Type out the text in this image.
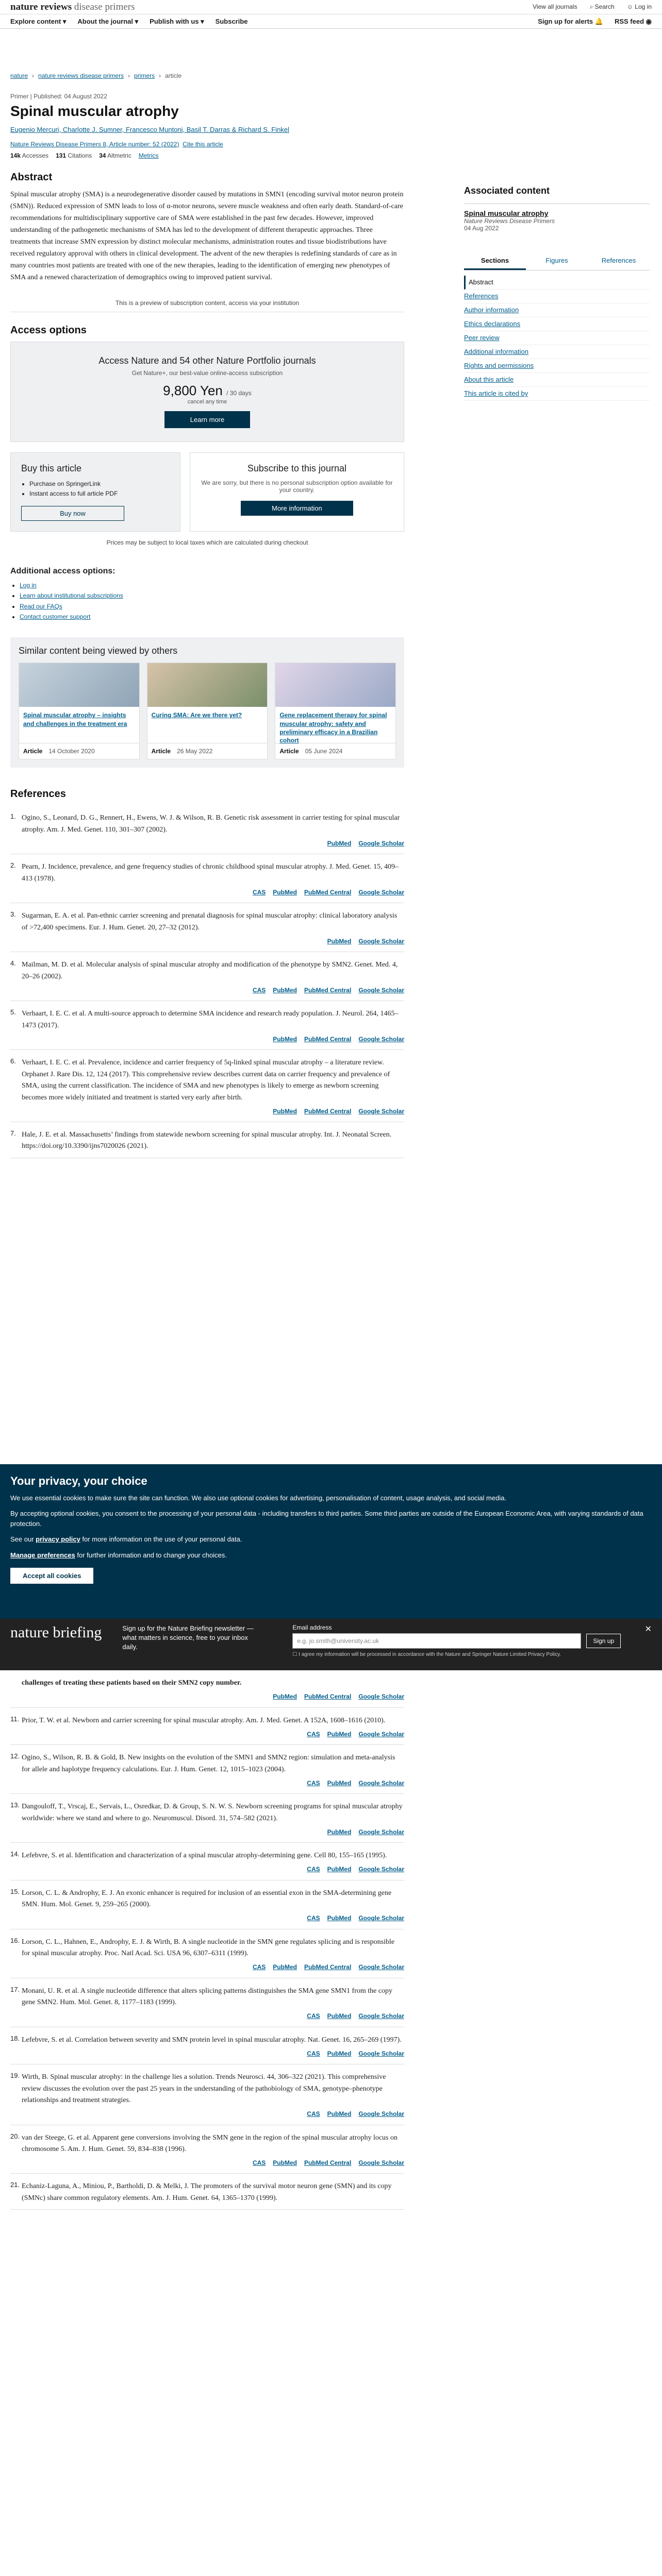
nature reviews disease primers	View all journals ⌕ Search ☺ Log in
Explore content ▾ About the journal ▾ Publish with us ▾ Subscribe	Sign up for alerts 🔔 RSS feed ◉
nature › nature reviews disease primers › primers › article
Primer | Published: 04 August 2022
Spinal muscular atrophy
Eugenio Mercuri, Charlotte J. Sumner, Francesco Muntoni, Basil T. Darras & Richard S. Finkel
Nature Reviews Disease Primers 8, Article number: 52 (2022) Cite this article
14k Accesses 131 Citations 34 Altmetric Metrics
Abstract

Spinal muscular atrophy (SMA) is a neurodegenerative disorder caused by mutations in SMN1 (encoding survival motor neuron protein (SMN)). Reduced expression of SMN leads to loss of α-motor neurons, severe muscle weakness and often early death. Standard-of-care recommendations for multidisciplinary supportive care of SMA were established in the past few decades. However, improved understanding of the pathogenetic mechanisms of SMA has led to the development of different therapeutic approaches. Three treatments that increase SMN expression by distinct molecular mechanisms, administration routes and tissue biodistributions have received regulatory approval with others in clinical development. The advent of the new therapies is redefining standards of care as in many countries most patients are treated with one of the new therapies, leading to the identification of emerging new phenotypes of SMA and a renewed characterization of demographics owing to improved patient survival.

This is a preview of subscription content, access via your institution
Access options
Access Nature and 54 other Nature Portfolio journals
Get Nature+, our best-value online-access subscription
9,800 Yen / 30 days
cancel any time
Learn more
Buy this article
• Purchase on SpringerLink
• Instant access to full article PDF
Buy now
Subscribe to this journal

We are sorry, but there is no personal subscription option available for your country.

More information
Prices may be subject to local taxes which are calculated during checkout
Additional access options:
• Log in
• Learn about institutional subscriptions
• Read our FAQs
• Contact customer support
Similar content being viewed by others
Spinal muscular atrophy – insights and challenges in the treatment era
Article 14 October 2020
Curing SMA: Are we there yet?
Article 26 May 2022
Gene replacement therapy for spinal muscular atrophy: safety and preliminary efficacy in a Brazilian cohort
Article 05 June 2024
References
1. Ogino, S., Leonard, D. G., Rennert, H., Ewens, W. J. & Wilson, R. B. Genetic risk assessment in carrier testing for spinal muscular atrophy. Am. J. Med. Genet. 110, 301–307 (2002).
PubMed Google Scholar
2. Pearn, J. Incidence, prevalence, and gene frequency studies of chronic childhood spinal muscular atrophy. J. Med. Genet. 15, 409–413 (1978).
CAS PubMed PubMed Central Google Scholar
3. Sugarman, E. A. et al. Pan-ethnic carrier screening and prenatal diagnosis for spinal muscular atrophy: clinical laboratory analysis of >72,400 specimens. Eur. J. Hum. Genet. 20, 27–32 (2012).
PubMed Google Scholar
4. Mailman, M. D. et al. Molecular analysis of spinal muscular atrophy and modification of the phenotype by SMN2. Genet. Med. 4, 20–26 (2002).
CAS PubMed PubMed Central Google Scholar
5. Verhaart, I. E. C. et al. A multi-source approach to determine SMA incidence and research ready population. J. Neurol. 264, 1465–1473 (2017).
PubMed PubMed Central Google Scholar
6. Verhaart, I. E. C. et al. Prevalence, incidence and carrier frequency of 5q-linked spinal muscular atrophy – a literature review. Orphanet J. Rare Dis. 12, 124 (2017). This comprehensive review describes current data on carrier frequency and prevalence of SMA, using the current classification. The incidence of SMA and new phenotypes is likely to emerge as newborn screening becomes more widely initiated and treatment is started very early after birth.
PubMed PubMed Central Google Scholar
7. Hale, J. E. et al. Massachusetts’ findings from statewide newborn screening for spinal muscular atrophy. Int. J. Neonatal Screen. https://doi.org/10.3390/ijns7020026 (2021).
Associated content
Spinal muscular atrophy
Nature Reviews Disease Primers
04 Aug 2022
Sections	Figures	References
Abstract
References
Author information
Ethics declarations
Peer review
Additional information
Rights and permissions
About this article
This article is cited by
Your privacy, your choice

We use essential cookies to make sure the site can function. We also use optional cookies for advertising, personalisation of content, usage analysis, and social media.

By accepting optional cookies, you consent to the processing of your personal data - including transfers to third parties. Some third parties are outside of the European Economic Area, with varying standards of data protection.

See our privacy policy for more information on the use of your personal data.

Manage preferences for further information and to change your choices.

Accept all cookies
nature briefing	Sign up for the Nature Briefing newsletter — what matters in science, free to your inbox daily.
Email address
e.g. jo.smith@university.ac.uk	Sign up
☐ I agree my information will be processed in accordance with the Nature and Springer Nature Limited Privacy Policy.
✕
challenges of treating these patients based on their SMN2 copy number.
PubMed PubMed Central Google Scholar
11. Prior, T. W. et al. Newborn and carrier screening for spinal muscular atrophy. Am. J. Med. Genet. A 152A, 1608–1616 (2010).
CAS PubMed Google Scholar
12. Ogino, S., Wilson, R. B. & Gold, B. New insights on the evolution of the SMN1 and SMN2 region: simulation and meta-analysis for allele and haplotype frequency calculations. Eur. J. Hum. Genet. 12, 1015–1023 (2004).
CAS PubMed Google Scholar
13. Dangouloff, T., Vrscaj, E., Servais, L., Osredkar, D. & Group, S. N. W. S. Newborn screening programs for spinal muscular atrophy worldwide: where we stand and where to go. Neuromuscul. Disord. 31, 574–582 (2021).
PubMed Google Scholar
14. Lefebvre, S. et al. Identification and characterization of a spinal muscular atrophy-determining gene. Cell 80, 155–165 (1995).
CAS PubMed Google Scholar
15. Lorson, C. L. & Androphy, E. J. An exonic enhancer is required for inclusion of an essential exon in the SMA-determining gene SMN. Hum. Mol. Genet. 9, 259–265 (2000).
CAS PubMed Google Scholar
16. Lorson, C. L., Hahnen, E., Androphy, E. J. & Wirth, B. A single nucleotide in the SMN gene regulates splicing and is responsible for spinal muscular atrophy. Proc. Natl Acad. Sci. USA 96, 6307–6311 (1999).
CAS PubMed PubMed Central Google Scholar
17. Monani, U. R. et al. A single nucleotide difference that alters splicing patterns distinguishes the SMA gene SMN1 from the copy gene SMN2. Hum. Mol. Genet. 8, 1177–1183 (1999).
CAS PubMed Google Scholar
18. Lefebvre, S. et al. Correlation between severity and SMN protein level in spinal muscular atrophy. Nat. Genet. 16, 265–269 (1997).
CAS PubMed Google Scholar
19. Wirth, B. Spinal muscular atrophy: in the challenge lies a solution. Trends Neurosci. 44, 306–322 (2021). This comprehensive review discusses the evolution over the past 25 years in the understanding of the pathobiology of SMA, genotype–phenotype relationships and treatment strategies.
CAS PubMed Google Scholar
20. van der Steege, G. et al. Apparent gene conversions involving the SMN gene in the region of the spinal muscular atrophy locus on chromosome 5. Am. J. Hum. Genet. 59, 834–838 (1996).
CAS PubMed PubMed Central Google Scholar
21. Echaniz-Laguna, A., Miniou, P., Bartholdi, D. & Melki, J. The promoters of the survival motor neuron gene (SMN) and its copy (SMNc) share common regulatory elements. Am. J. Hum. Genet. 64, 1365–1370 (1999).
